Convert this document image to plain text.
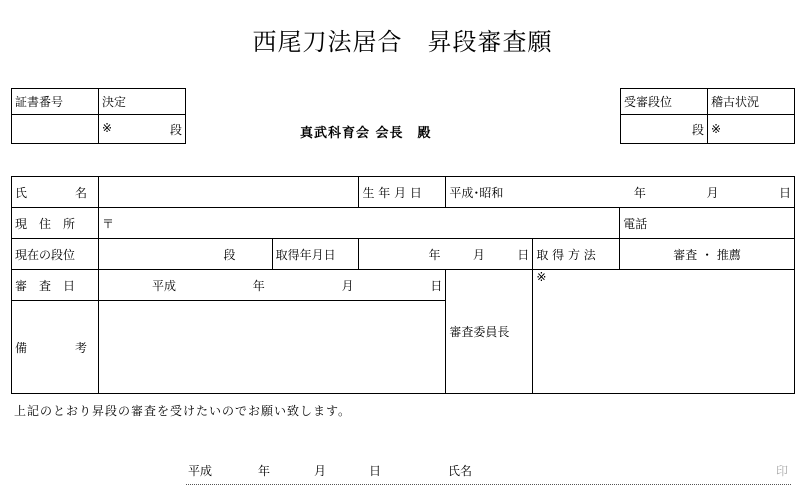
西尾刀法居合　昇段審査願
証書番号	決定

	※ 段
受審段位	稽古状況
段	※
真武科育会 会長　殿
氏　　　　名			生 年 月 日	平成･昭和 年 月 日		

現　住　所	〒					電話
現在の段位	段	取得年月日	年 月 日		取 得 方 法	審査 ・ 推薦
審　査　日	平成 年 月 日			審査委員長	※	
備　　　　考						
上記のとおり昇段の審査を受けたいのでお願い致します。
平成	年	月	日	氏名	印
